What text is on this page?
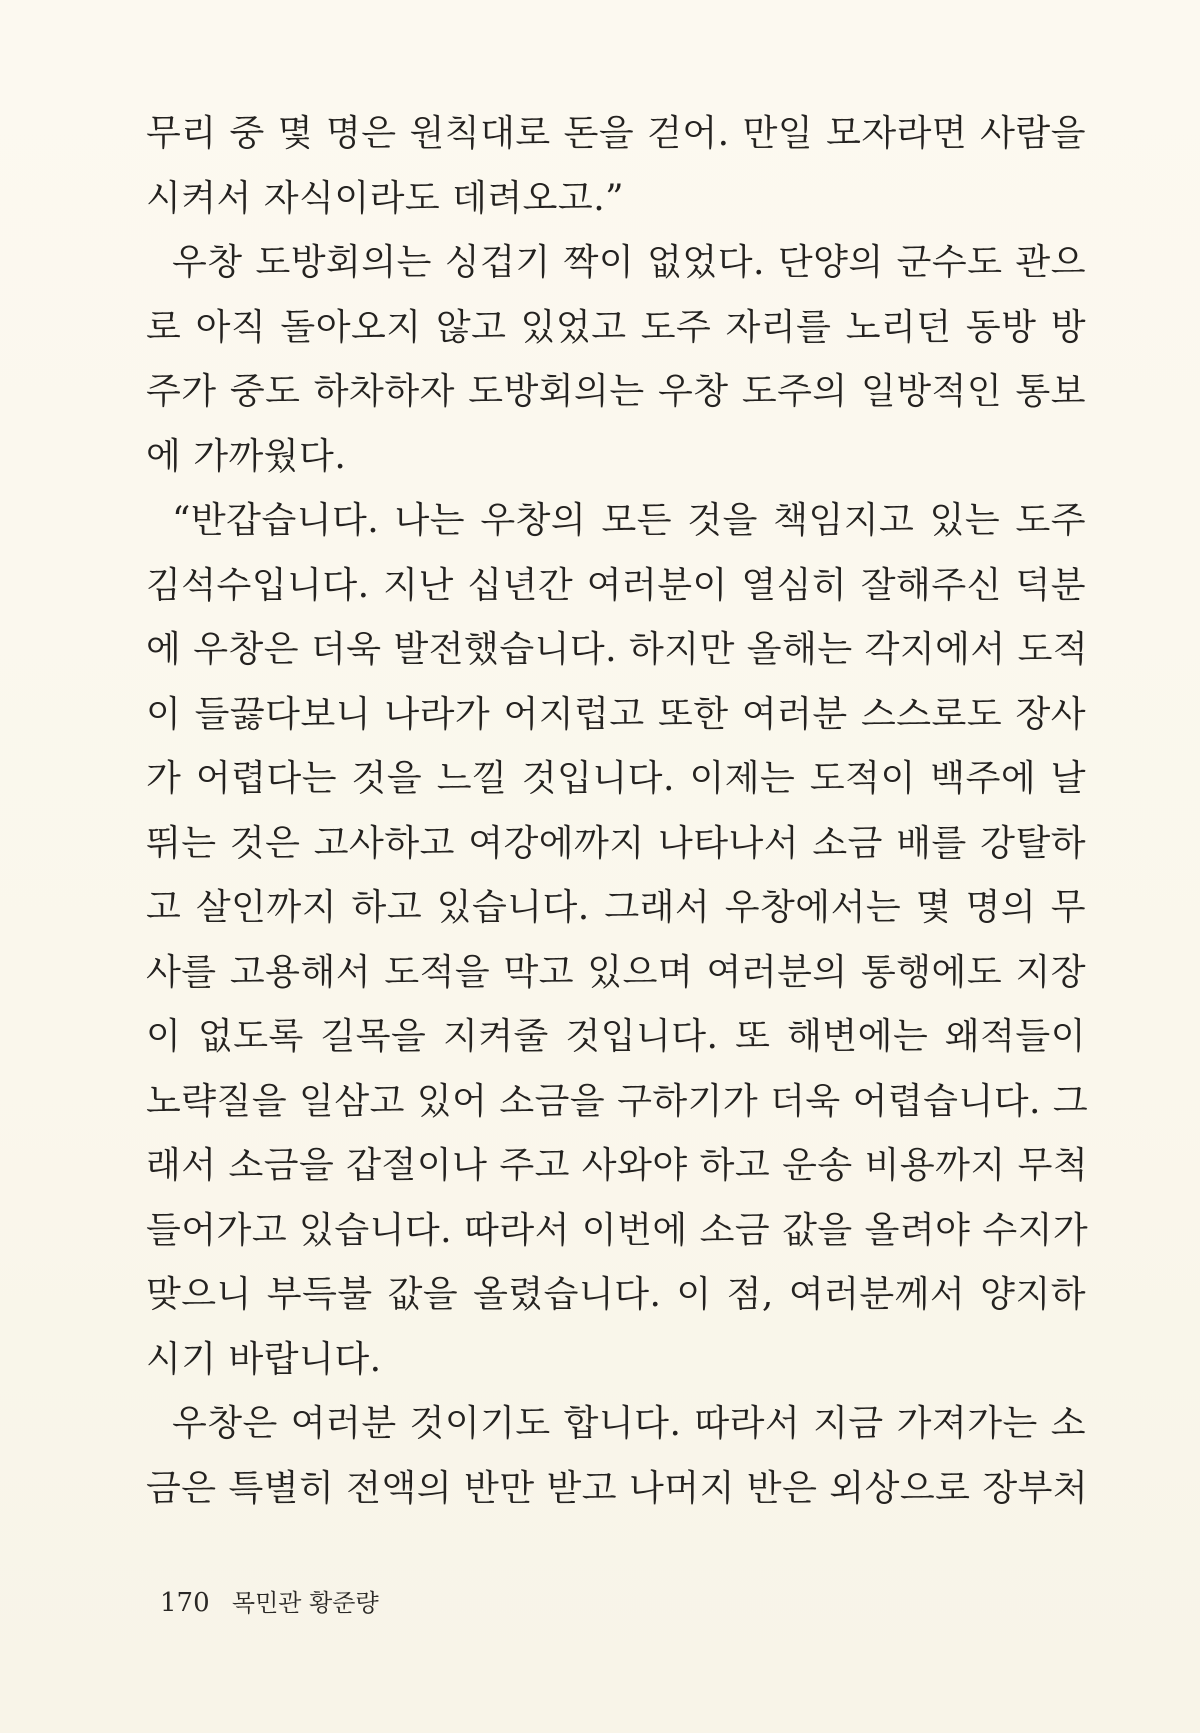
무리 중 몇 명은 원칙대로 돈을 걷어. 만일 모자라면 사람을
시켜서 자식이라도 데려오고.”
우창 도방회의는 싱겁기 짝이 없었다. 단양의 군수도 관으
로 아직 돌아오지 않고 있었고 도주 자리를 노리던 동방 방
주가 중도 하차하자 도방회의는 우창 도주의 일방적인 통보
에 가까웠다.
“반갑습니다. 나는 우창의 모든 것을 책임지고 있는 도주
김석수입니다. 지난 십년간 여러분이 열심히 잘해주신 덕분
에 우창은 더욱 발전했습니다. 하지만 올해는 각지에서 도적
이 들끓다보니 나라가 어지럽고 또한 여러분 스스로도 장사
가 어렵다는 것을 느낄 것입니다. 이제는 도적이 백주에 날
뛰는 것은 고사하고 여강에까지 나타나서 소금 배를 강탈하
고 살인까지 하고 있습니다. 그래서 우창에서는 몇 명의 무
사를 고용해서 도적을 막고 있으며 여러분의 통행에도 지장
이 없도록 길목을 지켜줄 것입니다. 또 해변에는 왜적들이
노략질을 일삼고 있어 소금을 구하기가 더욱 어렵습니다. 그
래서 소금을 갑절이나 주고 사와야 하고 운송 비용까지 무척
들어가고 있습니다. 따라서 이번에 소금 값을 올려야 수지가
맞으니 부득불 값을 올렸습니다. 이 점, 여러분께서 양지하
시기 바랍니다.
우창은 여러분 것이기도 합니다. 따라서 지금 가져가는 소
금은 특별히 전액의 반만 받고 나머지 반은 외상으로 장부처
170 목민관 황준량
